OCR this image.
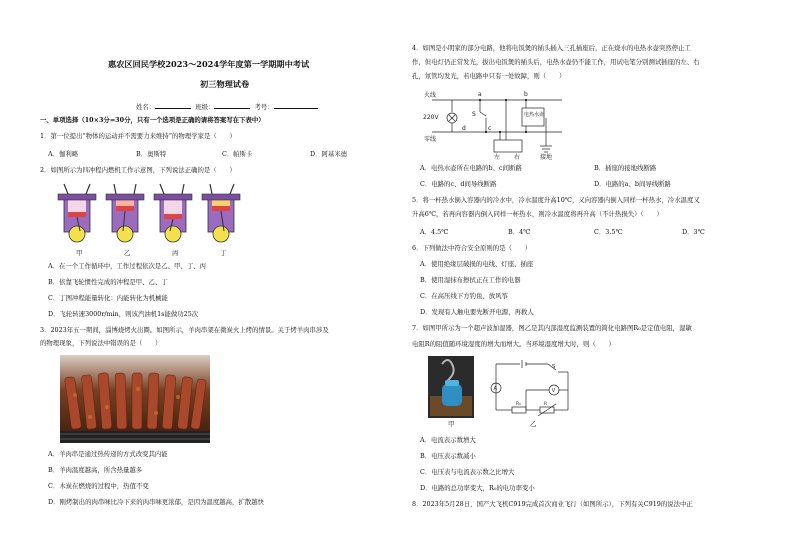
惠农区回民学校2023～2024学年度第一学期期中考试
初三物理试卷
姓名：	班级：	考号：
一、单项选择（10×3分=30分，只有一个选项是正确的请将答案写在下表中）
1．第一位提出“物体的运动并不需要力来维持”的物理学家是（　　）
A．伽利略	B．奥斯特	C．帕斯卡	D．阿基米德
2．如图所示为四冲程内燃机工作示意图，下列说法正确的是（　　）
甲	乙	丙	丁
A．在一个工作循环中，工作过程依次是乙、甲、丁、丙
B．依靠飞轮惯性完成的冲程是甲、乙、丁
C．丁图冲程能量转化：内能转化为机械能
D．飞轮转速3000r/min，则该汽油机1s能做功25次
3．2023年五一期间，淄博烧烤火出圈。如图所示，羊肉串架在微炭火上烤的情景。关于烤羊肉串涉及
的物理现象，下列说法中错误的是（　　）
A．羊肉串是通过热传递的方式改变其内能
B．羊肉温度越高，所含热量越多
C．木炭在燃烧的过程中，热值不变
D．刚烤制出的肉串味比冷下来的肉串味更浓郁，是因为温度越高，扩散越快
4．如图是小明家的部分电路，他将电饭煲的插头插入三孔插座后，正在烧水的电热水壶突然停止工
作，但电灯仍正常发光，拔出电饭煲的插头后，电热水壶仍不能工作，用试电笔分别测试插座的左、右
孔，氖管均发光，若电路中只有一处故障，则（　　）
火线
220V
零线
a	b
c
d
S	电热水壶
左 右	接地
A．电热水壶所在电路的b、c间断路	B．插座的接地线断路
C．电路的c、d间导线断路	D．电路的a、b间导线断路
5．将一杯热水倒入容器内的冷水中，冷水温度升高10℃，又向容器内倒入同样一杯热水，冷水温度又
升高6℃，若再向容器内倒入同样一杯热水，则冷水温度将再升高（不计热损失）（　　）
A．4.5℃	B．4℃	C．3.5℃	D．3℃
6．下列做法中符合安全原则的是（　　）
A．使用绝缘层破损的电线、灯座、插座
B．使用湿抹布擦拭正在工作的电器
C．在高压线下方钓鱼、放风筝
D．发现有人触电要先断开电源，再救人
7．如图甲所示为一个超声波加湿器，图乙是其内部湿度监测装置的简化电路图R₀是定值电阻，湿敏
电阻R的阻值随环境湿度的增大而增大。当环境湿度增大时，则（　　）
A	V
S
R₀	R
甲	乙
A．电流表示数增大
B．电压表示数减小
C．电压表与电流表示数之比增大
D．电路的总功率变大，R₀的电功率变小
8．2023年5月28日，国产大飞机C919完成首次商业飞行（如图所示），下列有关C919的说法中正
